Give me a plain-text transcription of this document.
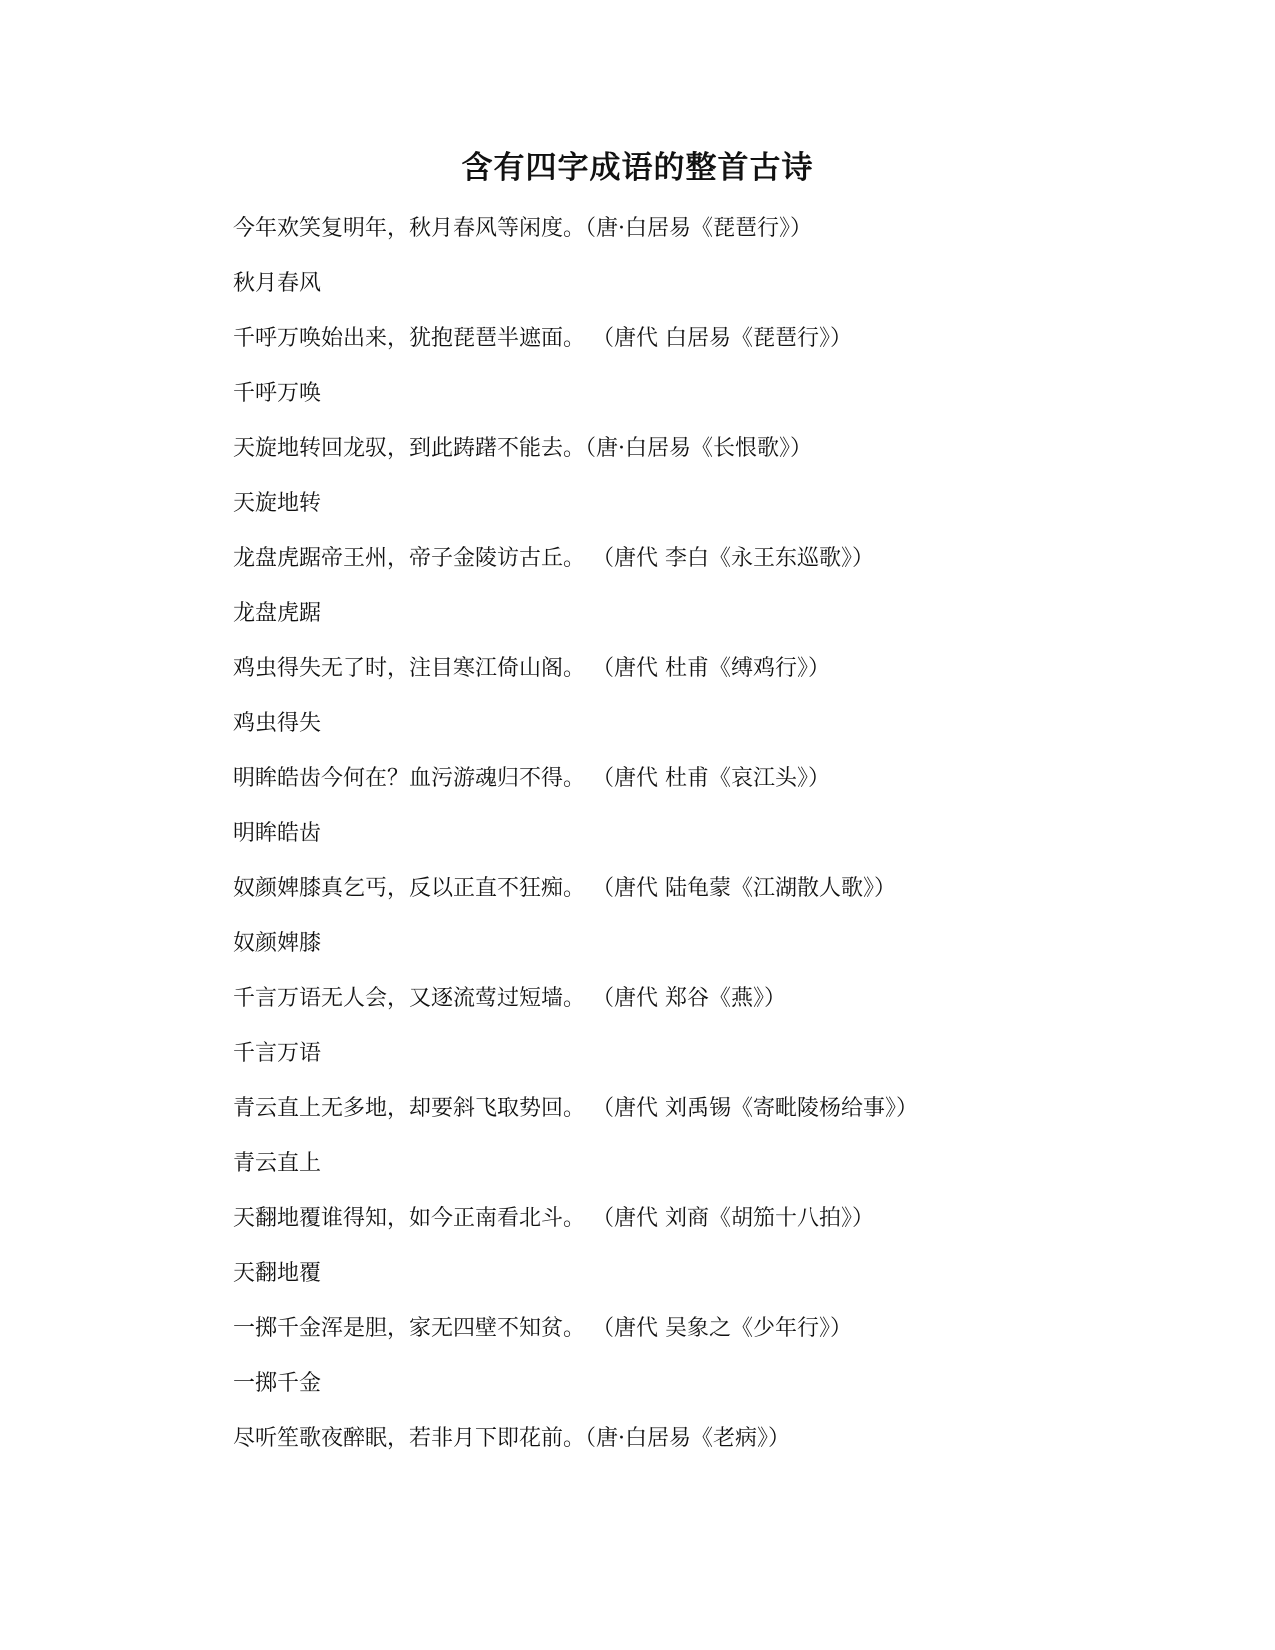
含有四字成语的整首古诗
今年欢笑复明年，秋月春风等闲度。（唐·白居易《琵琶行》）
秋月春风
千呼万唤始出来，犹抱琵琶半遮面。 （唐代 白居易《琵琶行》）
千呼万唤
天旋地转回龙驭，到此踌躇不能去。（唐·白居易《长恨歌》）
天旋地转
龙盘虎踞帝王州，帝子金陵访古丘。 （唐代 李白《永王东巡歌》）
龙盘虎踞
鸡虫得失无了时，注目寒江倚山阁。 （唐代 杜甫《缚鸡行》）
鸡虫得失
明眸皓齿今何在？血污游魂归不得。 （唐代 杜甫《哀江头》）
明眸皓齿
奴颜婢膝真乞丐，反以正直不狂痴。 （唐代 陆龟蒙《江湖散人歌》）
奴颜婢膝
千言万语无人会，又逐流莺过短墙。 （唐代 郑谷《燕》）
千言万语
青云直上无多地，却要斜飞取势回。 （唐代 刘禹锡《寄毗陵杨给事》）
青云直上
天翻地覆谁得知，如今正南看北斗。 （唐代 刘商《胡笳十八拍》）
天翻地覆
一掷千金浑是胆，家无四壁不知贫。 （唐代 吴象之《少年行》）
一掷千金
尽听笙歌夜醉眠，若非月下即花前。（唐·白居易《老病》）
